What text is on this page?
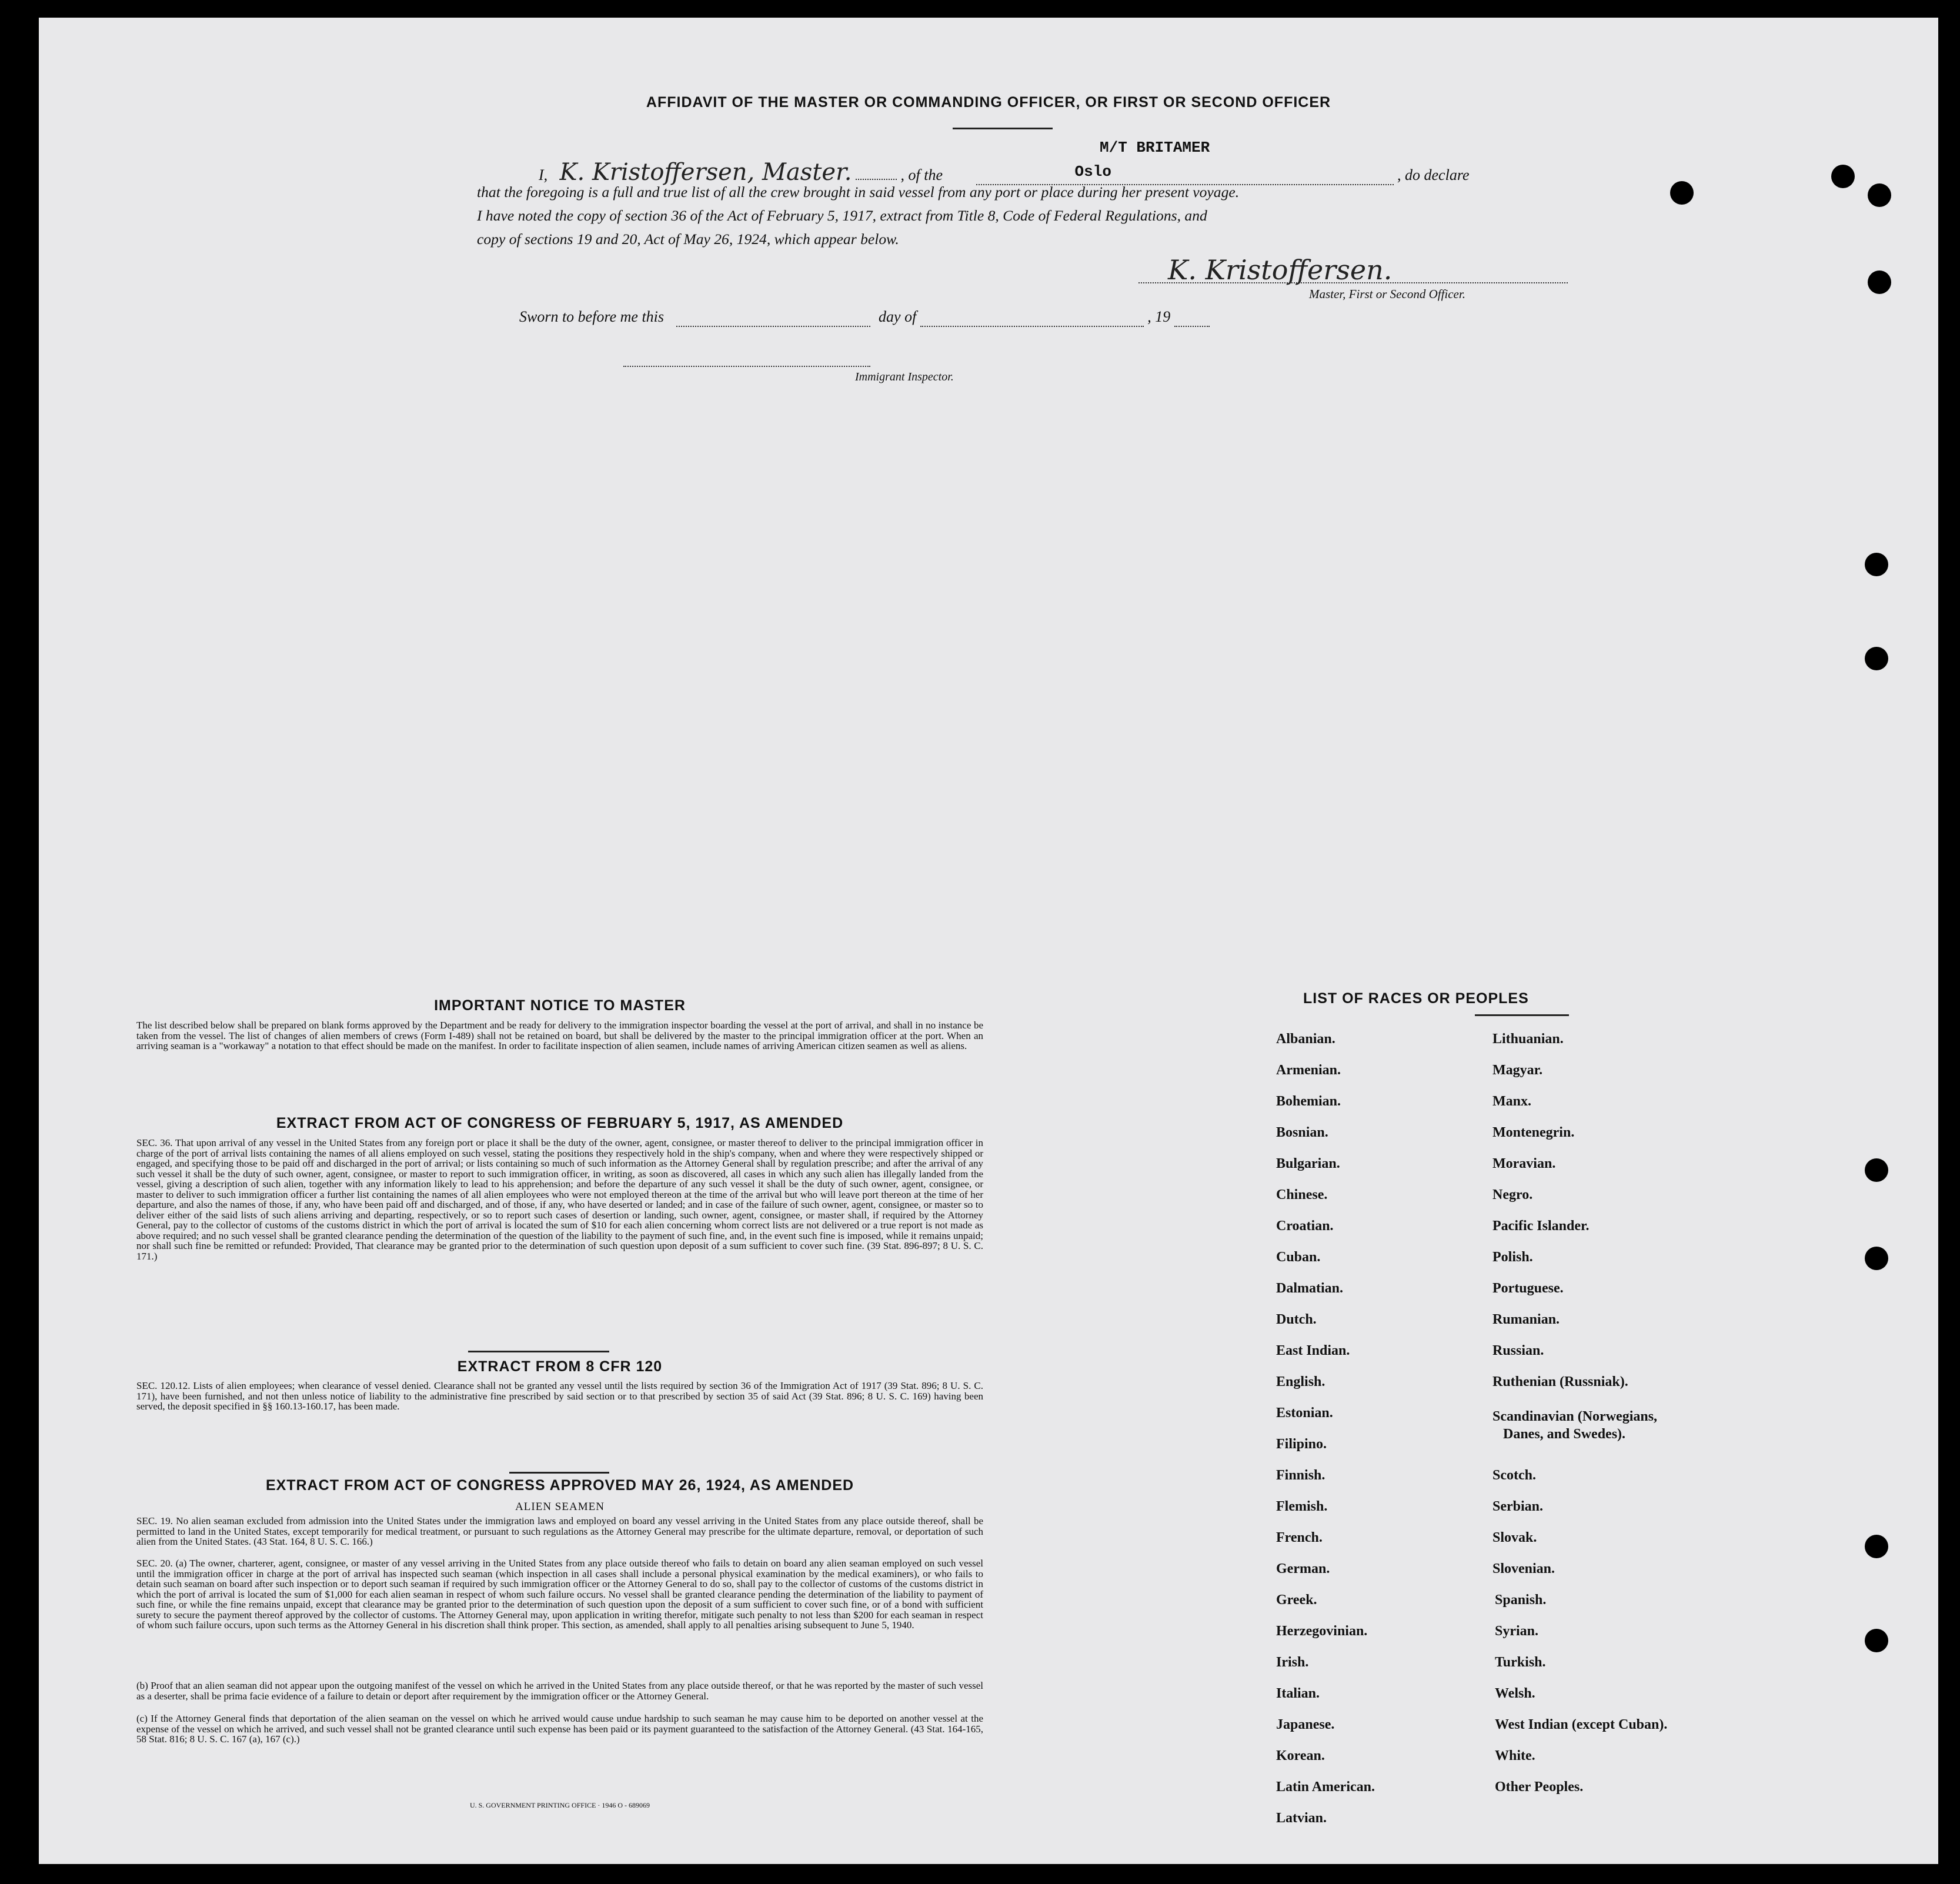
AFFIDAVIT OF THE MASTER OR COMMANDING OFFICER, OR FIRST OR SECOND OFFICER
M/T BRITAMER
I, K. Kristoffersen, Master.	, of the	Oslo	, do declare
that the foregoing is a full and true list of all the crew brought in said vessel from any port or place during her present voyage.
I have noted the copy of section 36 of the Act of February 5, 1917, extract from Title 8, Code of Federal Regulations, and
copy of sections 19 and 20, Act of May 26, 1924, which appear below.
K. Kristoffersen.
Master, First or Second Officer.
Sworn to before me this	day of	, 19
Immigrant Inspector.
IMPORTANT NOTICE TO MASTER
The list described below shall be prepared on blank forms approved by the Department and be ready for delivery to the immigration inspector boarding the vessel at the port of arrival, and shall in no instance be taken from the vessel. The list of changes of alien members of crews (Form I-489) shall not be retained on board, but shall be delivered by the master to the principal immigration officer at the port. When an arriving seaman is a "workaway" a notation to that effect should be made on the manifest. In order to facilitate inspection of alien seamen, include names of arriving American citizen seamen as well as aliens.
EXTRACT FROM ACT OF CONGRESS OF FEBRUARY 5, 1917, AS AMENDED
SEC. 36. That upon arrival of any vessel in the United States from any foreign port or place it shall be the duty of the owner, agent, consignee, or master thereof to deliver to the principal immigration officer in charge of the port of arrival lists containing the names of all aliens employed on such vessel, stating the positions they respectively hold in the ship's company, when and where they were respectively shipped or engaged, and specifying those to be paid off and discharged in the port of arrival; or lists containing so much of such information as the Attorney General shall by regulation prescribe; and after the arrival of any such vessel it shall be the duty of such owner, agent, consignee, or master to report to such immigration officer, in writing, as soon as discovered, all cases in which any such alien has illegally landed from the vessel, giving a description of such alien, together with any information likely to lead to his apprehension; and before the departure of any such vessel it shall be the duty of such owner, agent, consignee, or master to deliver to such immigration officer a further list containing the names of all alien employees who were not employed thereon at the time of the arrival but who will leave port thereon at the time of her departure, and also the names of those, if any, who have been paid off and discharged, and of those, if any, who have deserted or landed; and in case of the failure of such owner, agent, consignee, or master so to deliver either of the said lists of such aliens arriving and departing, respectively, or so to report such cases of desertion or landing, such owner, agent, consignee, or master shall, if required by the Attorney General, pay to the collector of customs of the customs district in which the port of arrival is located the sum of $10 for each alien concerning whom correct lists are not delivered or a true report is not made as above required; and no such vessel shall be granted clearance pending the determination of the question of the liability to the payment of such fine, and, in the event such fine is imposed, while it remains unpaid; nor shall such fine be remitted or refunded: Provided, That clearance may be granted prior to the determination of such question upon deposit of a sum sufficient to cover such fine. (39 Stat. 896-897; 8 U. S. C. 171.)
EXTRACT FROM 8 CFR 120
SEC. 120.12. Lists of alien employees; when clearance of vessel denied. Clearance shall not be granted any vessel until the lists required by section 36 of the Immigration Act of 1917 (39 Stat. 896; 8 U. S. C. 171), have been furnished, and not then unless notice of liability to the administrative fine prescribed by said section or to that prescribed by section 35 of said Act (39 Stat. 896; 8 U. S. C. 169) having been served, the deposit specified in §§ 160.13-160.17, has been made.
EXTRACT FROM ACT OF CONGRESS APPROVED MAY 26, 1924, AS AMENDED
ALIEN SEAMEN
SEC. 19. No alien seaman excluded from admission into the United States under the immigration laws and employed on board any vessel arriving in the United States from any place outside thereof, shall be permitted to land in the United States, except temporarily for medical treatment, or pursuant to such regulations as the Attorney General may prescribe for the ultimate departure, removal, or deportation of such alien from the United States. (43 Stat. 164, 8 U. S. C. 166.)
SEC. 20. (a) The owner, charterer, agent, consignee, or master of any vessel arriving in the United States from any place outside thereof who fails to detain on board any alien seaman employed on such vessel until the immigration officer in charge at the port of arrival has inspected such seaman (which inspection in all cases shall include a personal physical examination by the medical examiners), or who fails to detain such seaman on board after such inspection or to deport such seaman if required by such immigration officer or the Attorney General to do so, shall pay to the collector of customs of the customs district in which the port of arrival is located the sum of $1,000 for each alien seaman in respect of whom such failure occurs. No vessel shall be granted clearance pending the determination of the liability to payment of such fine, or while the fine remains unpaid, except that clearance may be granted prior to the determination of such question upon the deposit of a sum sufficient to cover such fine, or of a bond with sufficient surety to secure the payment thereof approved by the collector of customs. The Attorney General may, upon application in writing therefor, mitigate such penalty to not less than $200 for each seaman in respect of whom such failure occurs, upon such terms as the Attorney General in his discretion shall think proper. This section, as amended, shall apply to all penalties arising subsequent to June 5, 1940.
(b) Proof that an alien seaman did not appear upon the outgoing manifest of the vessel on which he arrived in the United States from any place outside thereof, or that he was reported by the master of such vessel as a deserter, shall be prima facie evidence of a failure to detain or deport after requirement by the immigration officer or the Attorney General.
(c) If the Attorney General finds that deportation of the alien seaman on the vessel on which he arrived would cause undue hardship to such seaman he may cause him to be deported on another vessel at the expense of the vessel on which he arrived, and such vessel shall not be granted clearance until such expense has been paid or its payment guaranteed to the satisfaction of the Attorney General. (43 Stat. 164-165, 58 Stat. 816; 8 U. S. C. 167 (a), 167 (c).)
U. S. GOVERNMENT PRINTING OFFICE · 1946 O - 689069
LIST OF RACES OR PEOPLES
Albanian.
Armenian.
Bohemian.
Bosnian.
Bulgarian.
Chinese.
Croatian.
Cuban.
Dalmatian.
Dutch.
East Indian.
English.
Estonian.
Filipino.
Finnish.
Flemish.
French.
German.
Greek.
Herzegovinian.
Irish.
Italian.
Japanese.
Korean.
Latin American.
Latvian.
Lithuanian.
Magyar.
Manx.
Montenegrin.
Moravian.
Negro.
Pacific Islander.
Polish.
Portuguese.
Rumanian.
Russian.
Ruthenian (Russniak).
Scandinavian (Norwegians,
Danes, and Swedes).
Scotch.
Serbian.
Slovak.
Slovenian.
Spanish.
Syrian.
Turkish.
Welsh.
West Indian (except Cuban).
White.
Other Peoples.
